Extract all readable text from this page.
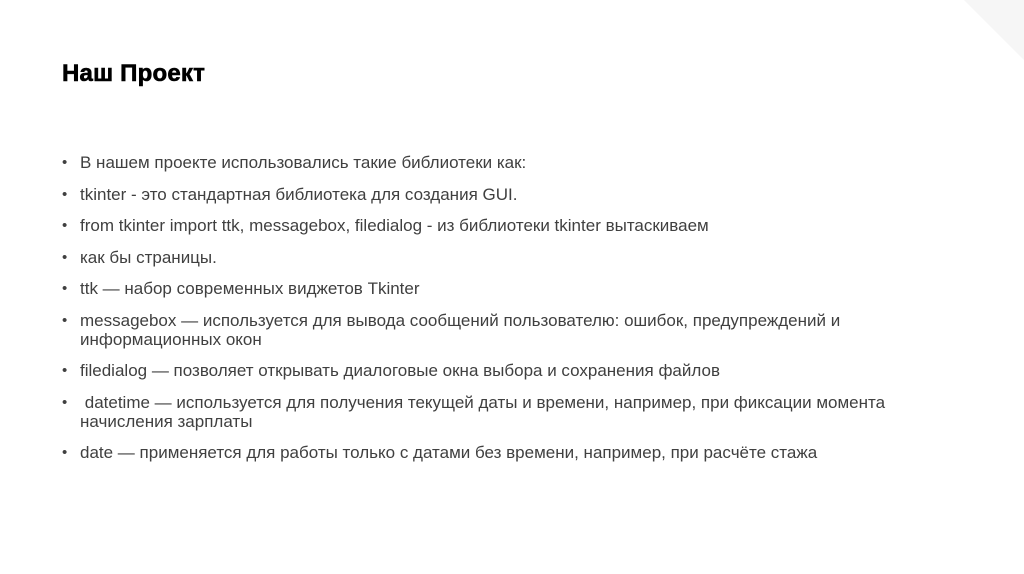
Наш Проект
• В нашем проекте использовались такие библиотеки как:
• tkinter - это стандартная библиотека для создания GUI.
• from tkinter import ttk, messagebox, filedialog - из библиотеки tkinter вытаскиваем
• как бы страницы.
• ttk — набор современных виджетов Tkinter
• messagebox — используется для вывода сообщений пользователю: ошибок, предупреждений и информационных окон
• filedialog — позволяет открывать диалоговые окна выбора и сохранения файлов
• datetime — используется для получения текущей даты и времени, например, при фиксации момента начисления зарплаты
• date — применяется для работы только с датами без времени, например, при расчёте стажа
